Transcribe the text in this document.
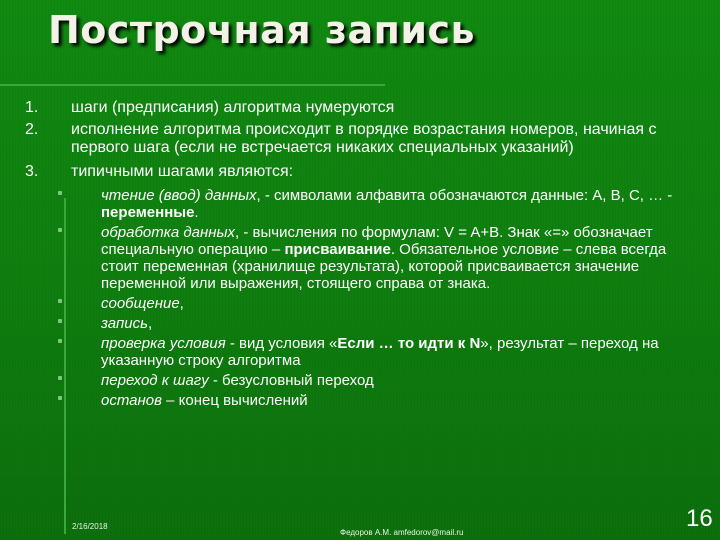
Построчная запись
1.	шаги (предписания) алгоритма нумеруются
2.	исполнение алгоритма происходит в порядке возрастания номеров, начиная с первого шага (если не встречается никаких специальных указаний)
3.	типичными шагами являются:
чтение (ввод) данных, - символами алфавита обозначаются данные: А, В, С, … - переменные.
обработка данных, - вычисления по формулам: V = A+B. Знак «=» обозначает специальную операцию – присваивание. Обязательное условие – слева всегда стоит переменная (хранилище результата), которой присваивается значение переменной или выражения, стоящего справа от знака.
сообщение,
запись,
проверка условия - вид условия «Если … то идти к N», результат – переход на указанную строку алгоритма
переход к шагу - безусловный переход
останов – конец вычислений
2/16/2018
Федоров А.М. amfedorov@mail.ru
16
